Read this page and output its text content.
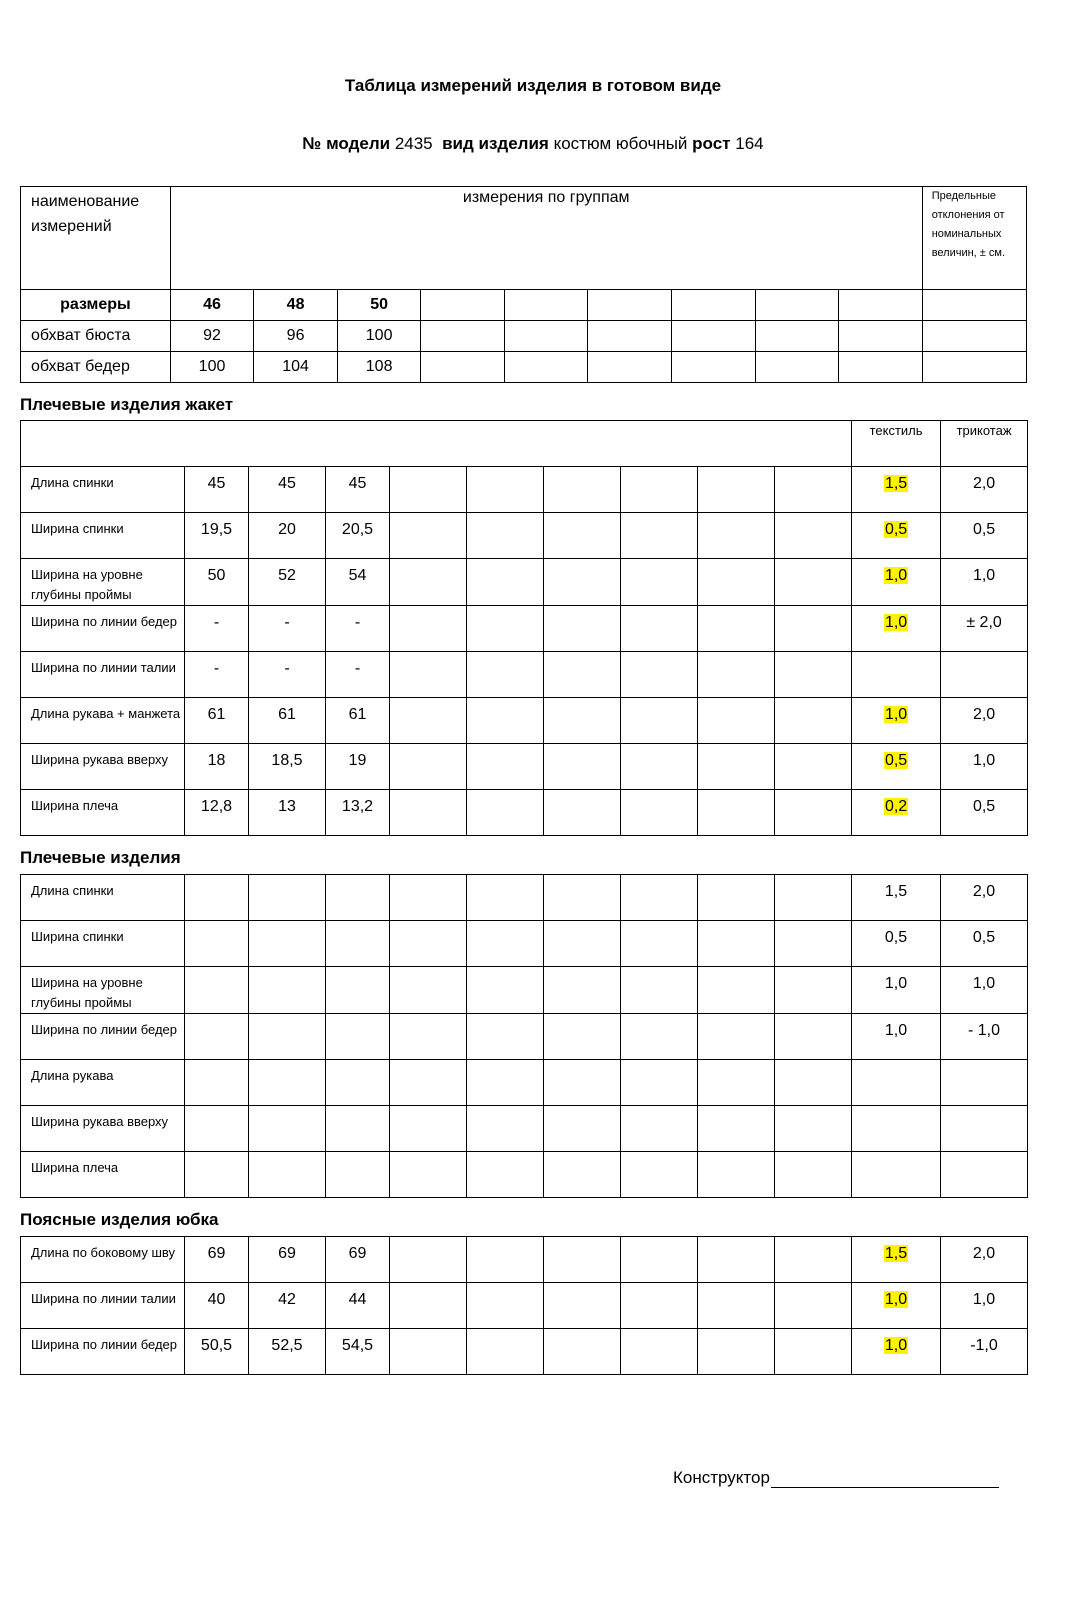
Таблица измерений изделия в готовом виде
№ модели 2435 вид изделия костюм юбочный рост 164
наименование измерений	измерения по группам									Предельные отклонения от номинальных величин, ± см.
размеры	46	48	50							
обхват бюста	92	96	100							
обхват бедер	100	104	108							
Плечевые изделия жакет
										текстиль	трикотаж
Длина спинки	45	45	45							1,5	2,0
Ширина спинки	19,5	20	20,5							0,5	0,5
Ширина на уровне глубины проймы	50	52	54							1,0	1,0
Ширина по линии бедер	-	-	-							1,0	± 2,0
Ширина по линии талии	-	-	-								
Длина рукава + манжета	61	61	61							1,0	2,0
Ширина рукава вверху	18	18,5	19							0,5	1,0
Ширина плеча	12,8	13	13,2							0,2	0,5
Плечевые изделия
Длина спинки										1,5	2,0
Ширина спинки										0,5	0,5
Ширина на уровне глубины проймы										1,0	1,0
Ширина по линии бедер										1,0	- 1,0
Длина рукава											
Ширина рукава вверху											
Ширина плеча											
Поясные изделия юбка
Длина по боковому шву	69	69	69							1,5	2,0
Ширина по линии талии	40	42	44							1,0	1,0
Ширина по линии бедер	50,5	52,5	54,5							1,0	-1,0
Конструктор
